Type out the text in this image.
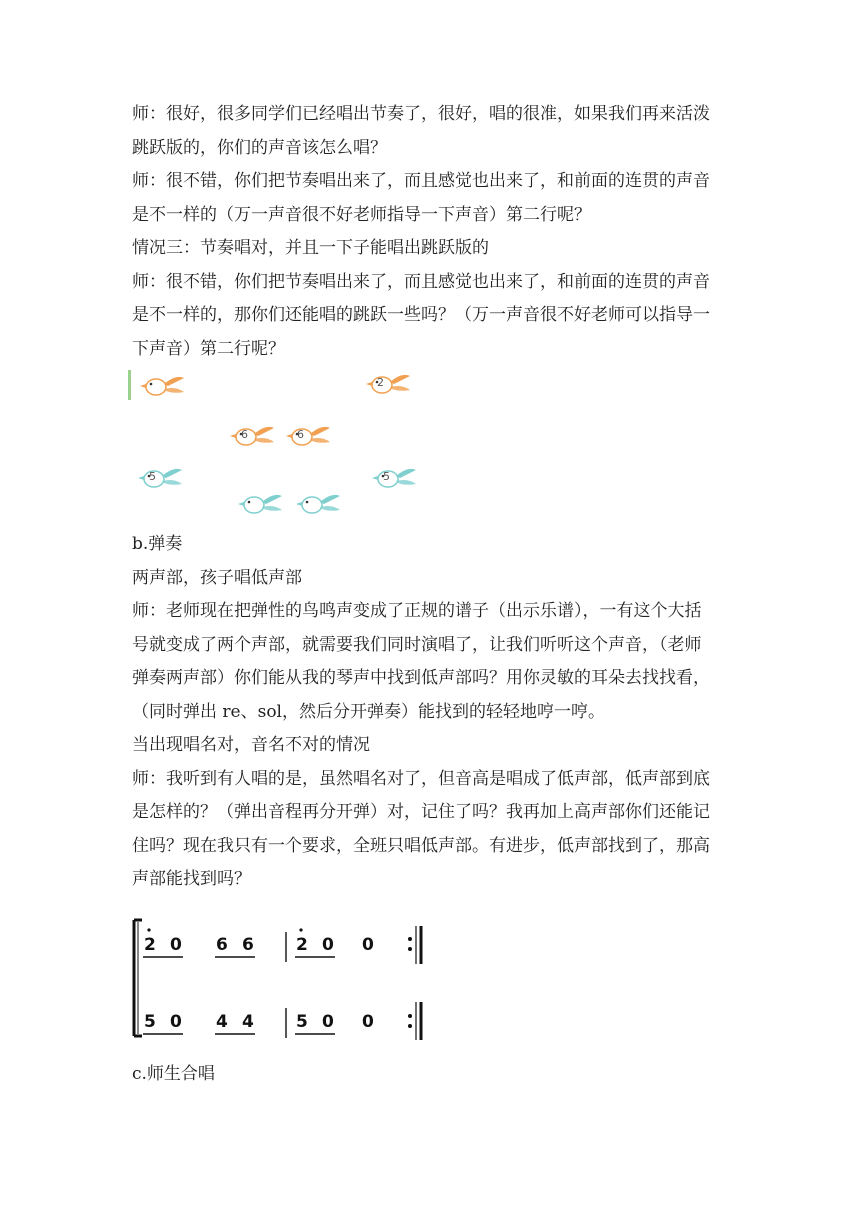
师：很好，很多同学们已经唱出节奏了，很好，唱的很准，如果我们再来活泼
跳跃版的，你们的声音该怎么唱？
师：很不错，你们把节奏唱出来了，而且感觉也出来了，和前面的连贯的声音
是不一样的（万一声音很不好老师指导一下声音）第二行呢？
情况三：节奏唱对，并且一下子能唱出跳跃版的
师：很不错，你们把节奏唱出来了，而且感觉也出来了，和前面的连贯的声音
是不一样的，那你们还能唱的跳跃一些吗？（万一声音很不好老师可以指导一
下声音）第二行呢？
2
6	6
5	5
b.弹奏
两声部，孩子唱低声部
师：老师现在把弹性的鸟鸣声变成了正规的谱子（出示乐谱），一有这个大括
号就变成了两个声部，就需要我们同时演唱了，让我们听听这个声音，（老师
弹奏两声部）你们能从我的琴声中找到低声部吗？用你灵敏的耳朵去找找看，
（同时弹出 re、sol，然后分开弹奏）能找到的轻轻地哼一哼。
当出现唱名对，音名不对的情况
师：我听到有人唱的是，虽然唱名对了，但音高是唱成了低声部，低声部到底
是怎样的？（弹出音程再分开弹）对，记住了吗？我再加上高声部你们还能记
住吗？现在我只有一个要求，全班只唱低声部。有进步，低声部找到了，那高
声部能找到吗？
2 0 6 6 2 0 0
5 0 4 4 5 0 0
c.师生合唱
